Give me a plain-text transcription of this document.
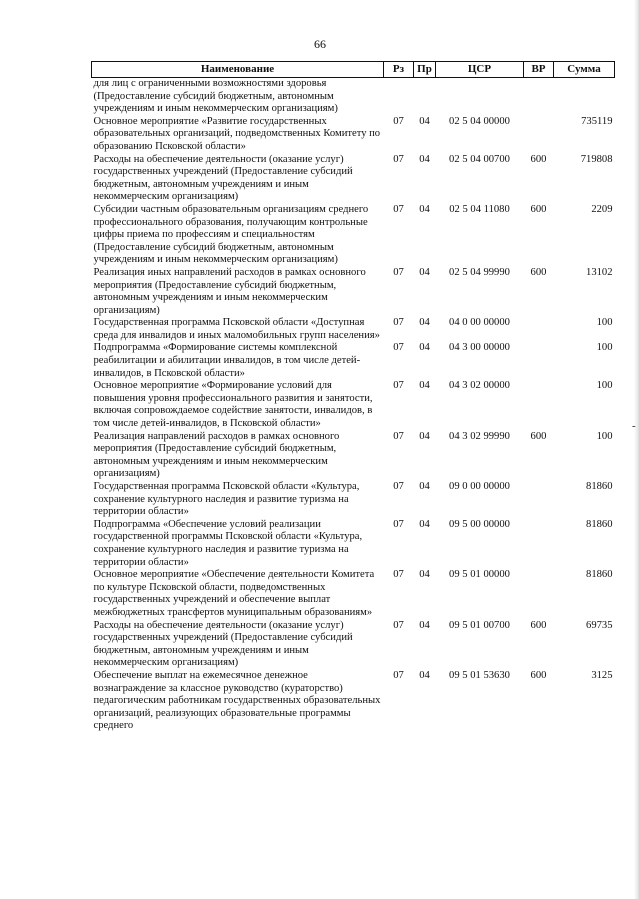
66
Наименование	Рз	Пр	ЦСР	ВР	Сумма
для лиц с ограниченными возможностями здоровья (Предоставление субсидий бюджетным, автономным учреждениям и иным некоммерческим организациям)					
Основное мероприятие «Развитие государственных образовательных организаций, подведомственных Комитету по образованию Псковской области»	07	04	02 5 04 00000		735119
Расходы на обеспечение деятельности (оказание услуг) государственных учреждений (Предоставление субсидий бюджетным, автономным учреждениям и иным некоммерческим организациям)	07	04	02 5 04 00700	600	719808
Субсидии частным образовательным организациям среднего профессионального образования, получающим контрольные цифры приема по профессиям и специальностям (Предоставление субсидий бюджетным, автономным учреждениям и иным некоммерческим организациям)	07	04	02 5 04 11080	600	2209
Реализация иных направлений расходов в рамках основного мероприятия (Предоставление субсидий бюджетным, автономным учреждениям и иным некоммерческим организациям)	07	04	02 5 04 99990	600	13102
Государственная программа Псковской области «Доступная среда для инвалидов и иных маломобильных групп населения»	07	04	04 0 00 00000		100
Подпрограмма «Формирование системы комплексной реабилитации и абилитации инвалидов, в том числе детей-инвалидов, в Псковской области»	07	04	04 3 00 00000		100
Основное мероприятие «Формирование условий для повышения уровня профессионального развития и занятости, включая сопровождаемое содействие занятости, инвалидов, в том числе детей-инвалидов, в Псковской области»	07	04	04 3 02 00000		100
Реализация направлений расходов в рамках основного мероприятия (Предоставление субсидий бюджетным, автономным учреждениям и иным некоммерческим организациям)	07	04	04 3 02 99990	600	100
Государственная программа Псковской области «Культура, сохранение культурного наследия и развитие туризма на территории области»	07	04	09 0 00 00000		81860
Подпрограмма «Обеспечение условий реализации государственной программы Псковской области «Культура, сохранение культурного наследия и развитие туризма на территории области»	07	04	09 5 00 00000		81860
Основное мероприятие «Обеспечение деятельности Комитета по культуре Псковской области, подведомственных государственных учреждений и обеспечение выплат межбюджетных трансфертов муниципальным образованиям»	07	04	09 5 01 00000		81860
Расходы на обеспечение деятельности (оказание услуг) государственных учреждений (Предоставление субсидий бюджетным, автономным учреждениям и иным некоммерческим организациям)	07	04	09 5 01 00700	600	69735
Обеспечение выплат на ежемесячное денежное вознаграждение за классное руководство (кураторство) педагогическим работникам государственных образовательных организаций, реализующих образовательные программы среднего	07	04	09 5 01 53630	600	3125
-
